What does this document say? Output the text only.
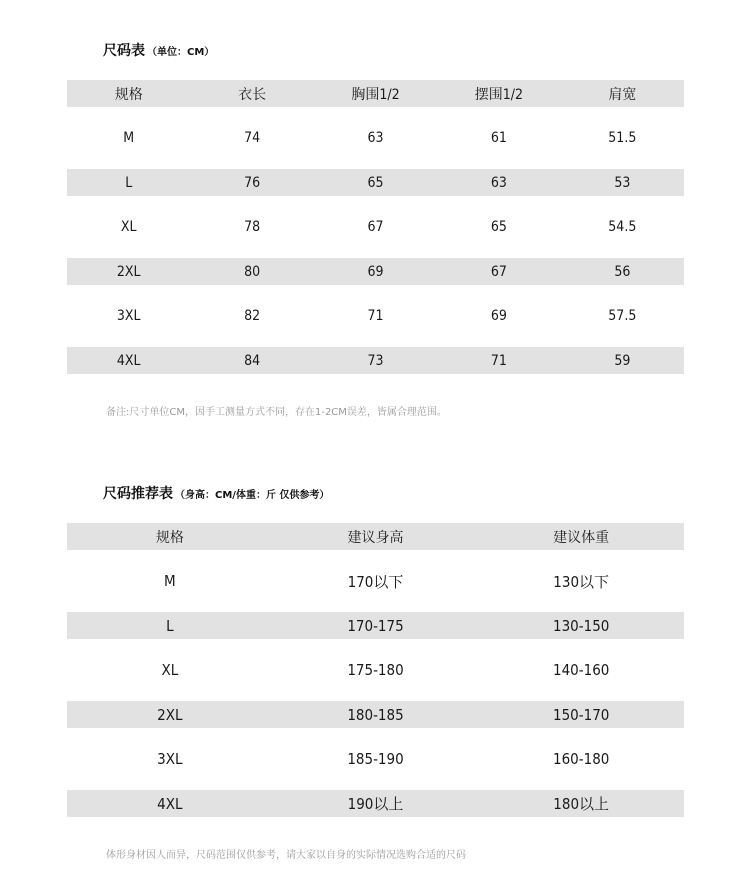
尺码表 （单位：CM）
规格	衣长	胸围1/2	摆围1/2	肩宽
M	74	63	61	51.5
L	76	65	63	53
XL	78	67	65	54.5
2XL	80	69	67	56
3XL	82	71	69	57.5
4XL	84	73	71	59
备注:尺寸单位CM，因手工测量方式不同，存在1-2CM误差，皆属合理范围。
尺码推荐表 （身高：CM/体重：斤 仅供参考）
规格	建议身高	建议体重
M	170以下	130以下
L	170-175	130-150
XL	175-180	140-160
2XL	180-185	150-170
3XL	185-190	160-180
4XL	190以上	180以上
体形身材因人而异，尺码范围仅供参考，请大家以自身的实际情况选购合适的尺码
